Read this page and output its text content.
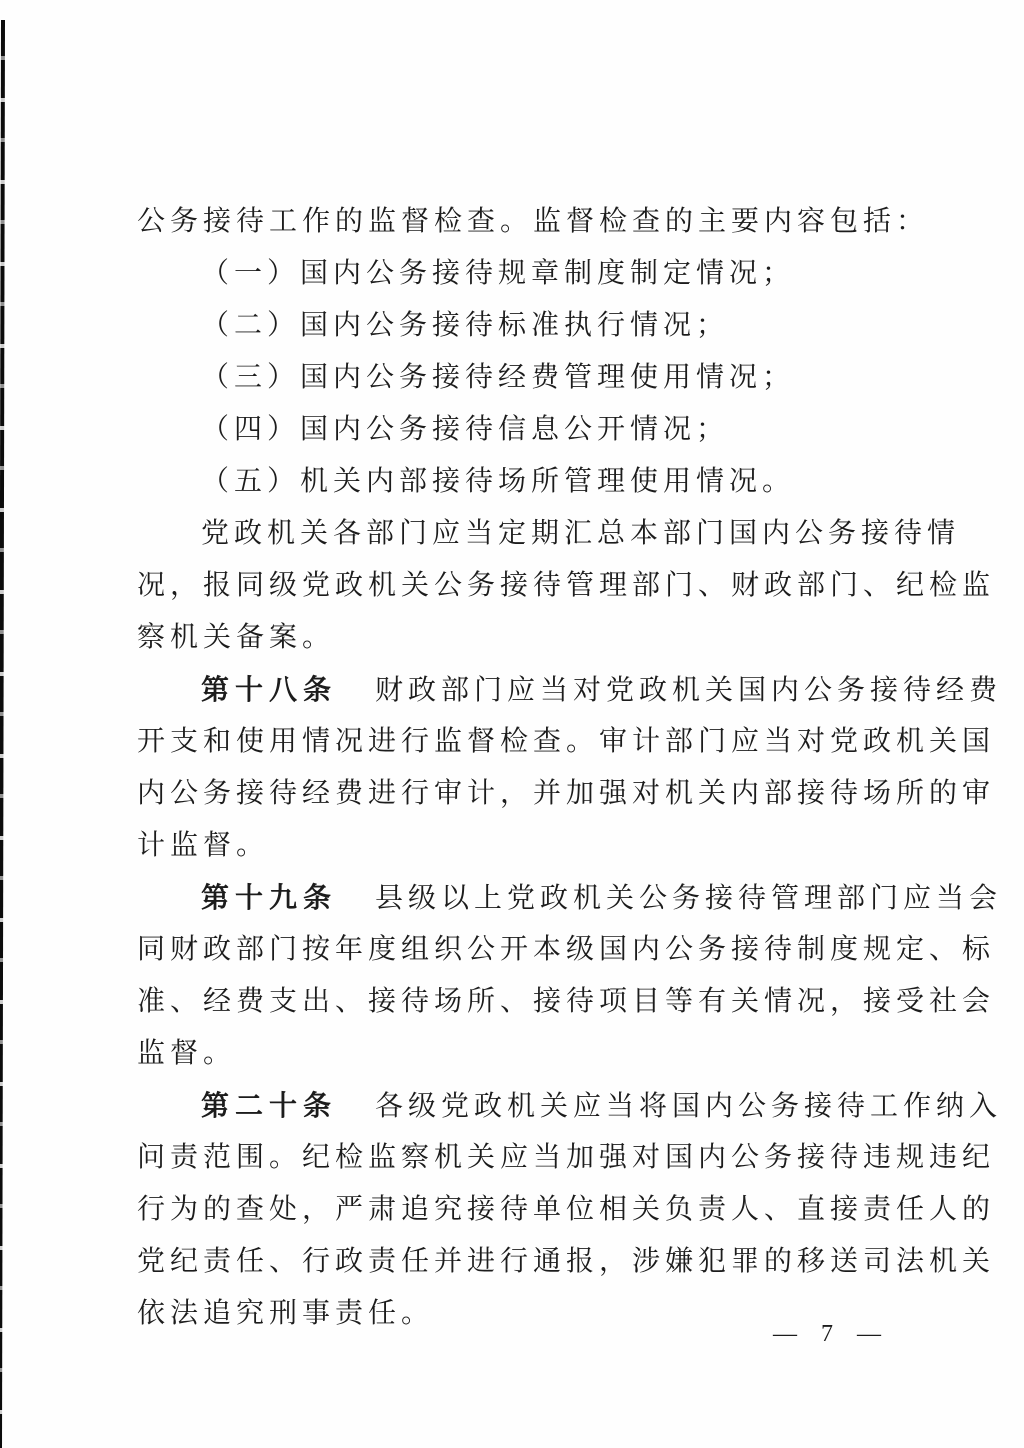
公务接待工作的监督检查。监督检查的主要内容包括：
（一）国内公务接待规章制度制定情况；
（二）国内公务接待标准执行情况；
（三）国内公务接待经费管理使用情况；
（四）国内公务接待信息公开情况；
（五）机关内部接待场所管理使用情况。
党政机关各部门应当定期汇总本部门国内公务接待情
况，报同级党政机关公务接待管理部门、财政部门、纪检监
察机关备案。
第十八条 财政部门应当对党政机关国内公务接待经费
开支和使用情况进行监督检查。审计部门应当对党政机关国
内公务接待经费进行审计，并加强对机关内部接待场所的审
计监督。
第十九条 县级以上党政机关公务接待管理部门应当会
同财政部门按年度组织公开本级国内公务接待制度规定、标
准、经费支出、接待场所、接待项目等有关情况，接受社会
监督。
第二十条 各级党政机关应当将国内公务接待工作纳入
问责范围。纪检监察机关应当加强对国内公务接待违规违纪
行为的查处，严肃追究接待单位相关负责人、直接责任人的
党纪责任、行政责任并进行通报，涉嫌犯罪的移送司法机关
依法追究刑事责任。
— 7 —
